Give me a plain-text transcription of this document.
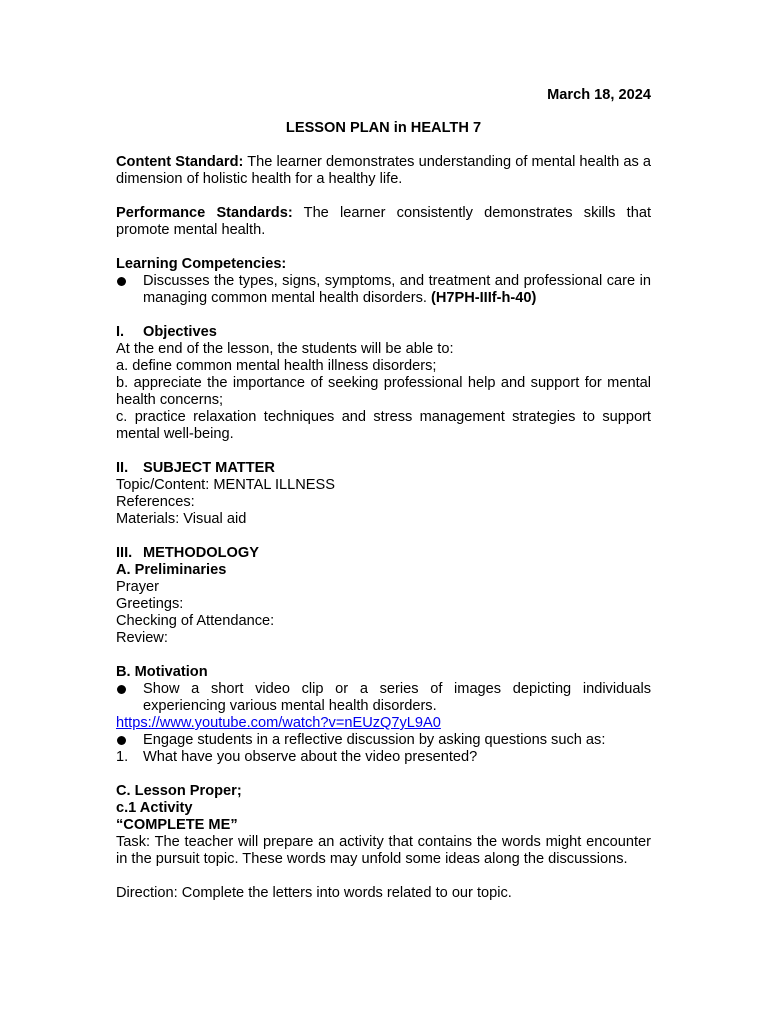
March 18, 2024
LESSON PLAN in HEALTH 7
Content Standard: The learner demonstrates understanding of mental health as a dimension of holistic health for a healthy life.
Performance Standards: The learner consistently demonstrates skills that promote mental health.
Learning Competencies:
Discusses the types, signs, symptoms, and treatment and professional care in managing common mental health disorders. (H7PH-IIIf-h-40)
I.	Objectives
At the end of the lesson, the students will be able to:
a. define common mental health illness disorders;
b. appreciate the importance of seeking professional help and support for mental health concerns;
c. practice relaxation techniques and stress management strategies to support mental well-being.
II.	SUBJECT MATTER
Topic/Content: MENTAL ILLNESS
References:
Materials: Visual aid
III. METHODOLOGY
A. Preliminaries
Prayer
Greetings:
Checking of Attendance:
Review:
B. Motivation
Show a short video clip or a series of images depicting individuals experiencing various mental health disorders.
https://www.youtube.com/watch?v=nEUzQ7yL9A0
Engage students in a reflective discussion by asking questions such as:
1.	What have you observe about the video presented?
C. Lesson Proper;
c.1 Activity
“COMPLETE ME”
Task: The teacher will prepare an activity that contains the words might encounter in the pursuit topic. These words may unfold some ideas along the discussions.
Direction: Complete the letters into words related to our topic.
